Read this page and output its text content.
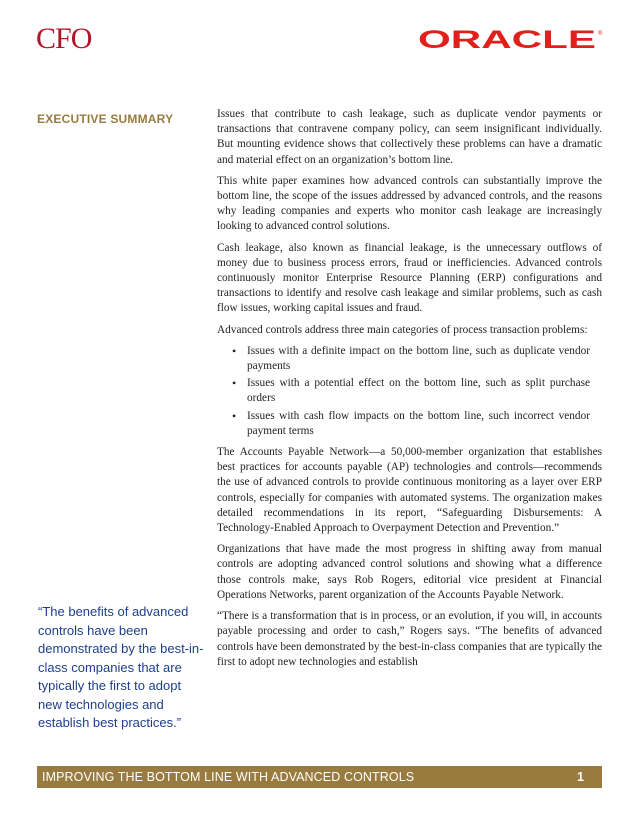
CFO	ORACLE ®
EXECUTIVE SUMMARY	Issues that contribute to cash leakage, such as duplicate vendor payments or transactions that contravene company policy, can seem insignificant individually. But mounting evidence shows that collectively these problems can have a dramatic and material effect on an organization’s bottom line.

This white paper examines how advanced controls can substantially improve the bottom line, the scope of the issues addressed by advanced controls, and the reasons why leading companies and experts who monitor cash leakage are increasingly looking to advanced control solutions.

Cash leakage, also known as financial leakage, is the unnecessary outflows of money due to business process errors, fraud or inefficiencies. Advanced controls continuously monitor Enterprise Resource Planning (ERP) configurations and transactions to identify and resolve cash leakage and similar problems, such as cash flow issues, working capital issues and fraud.

Advanced controls address three main categories of process transaction problems:

• Issues with a definite impact on the bottom line, such as duplicate vendor payments
• Issues with a potential effect on the bottom line, such as split purchase orders
• Issues with cash flow impacts on the bottom line, such incorrect vendor payment terms

The Accounts Payable Network—a 50,000-member organization that establishes best practices for accounts payable (AP) technologies and controls—recommends the use of advanced controls to provide continuous monitoring as a layer over ERP controls, especially for companies with automated systems. The organization makes detailed recommendations in its report, “Safeguarding Disbursements: A Technology-Enabled Approach to Overpayment Detection and Prevention.”

Organizations that have made the most progress in shifting away from manual controls are adopting advanced control solutions and showing what a difference those controls make, says Rob Rogers, editorial vice president at Financial Operations Networks, parent organization of the Accounts Payable Network.

“There is a transformation that is in process, or an evolution, if you will, in accounts payable processing and order to cash,” Rogers says. “The benefits of advanced controls have been demonstrated by the best-in-class companies that are typically the first to adopt new technologies and establish

“The benefits of advanced controls have been demonstrated by the best-in-class companies that are typically the first to adopt new technologies and establish best practices.”
IMPROVING THE BOTTOM LINE WITH ADVANCED CONTROLS	1
